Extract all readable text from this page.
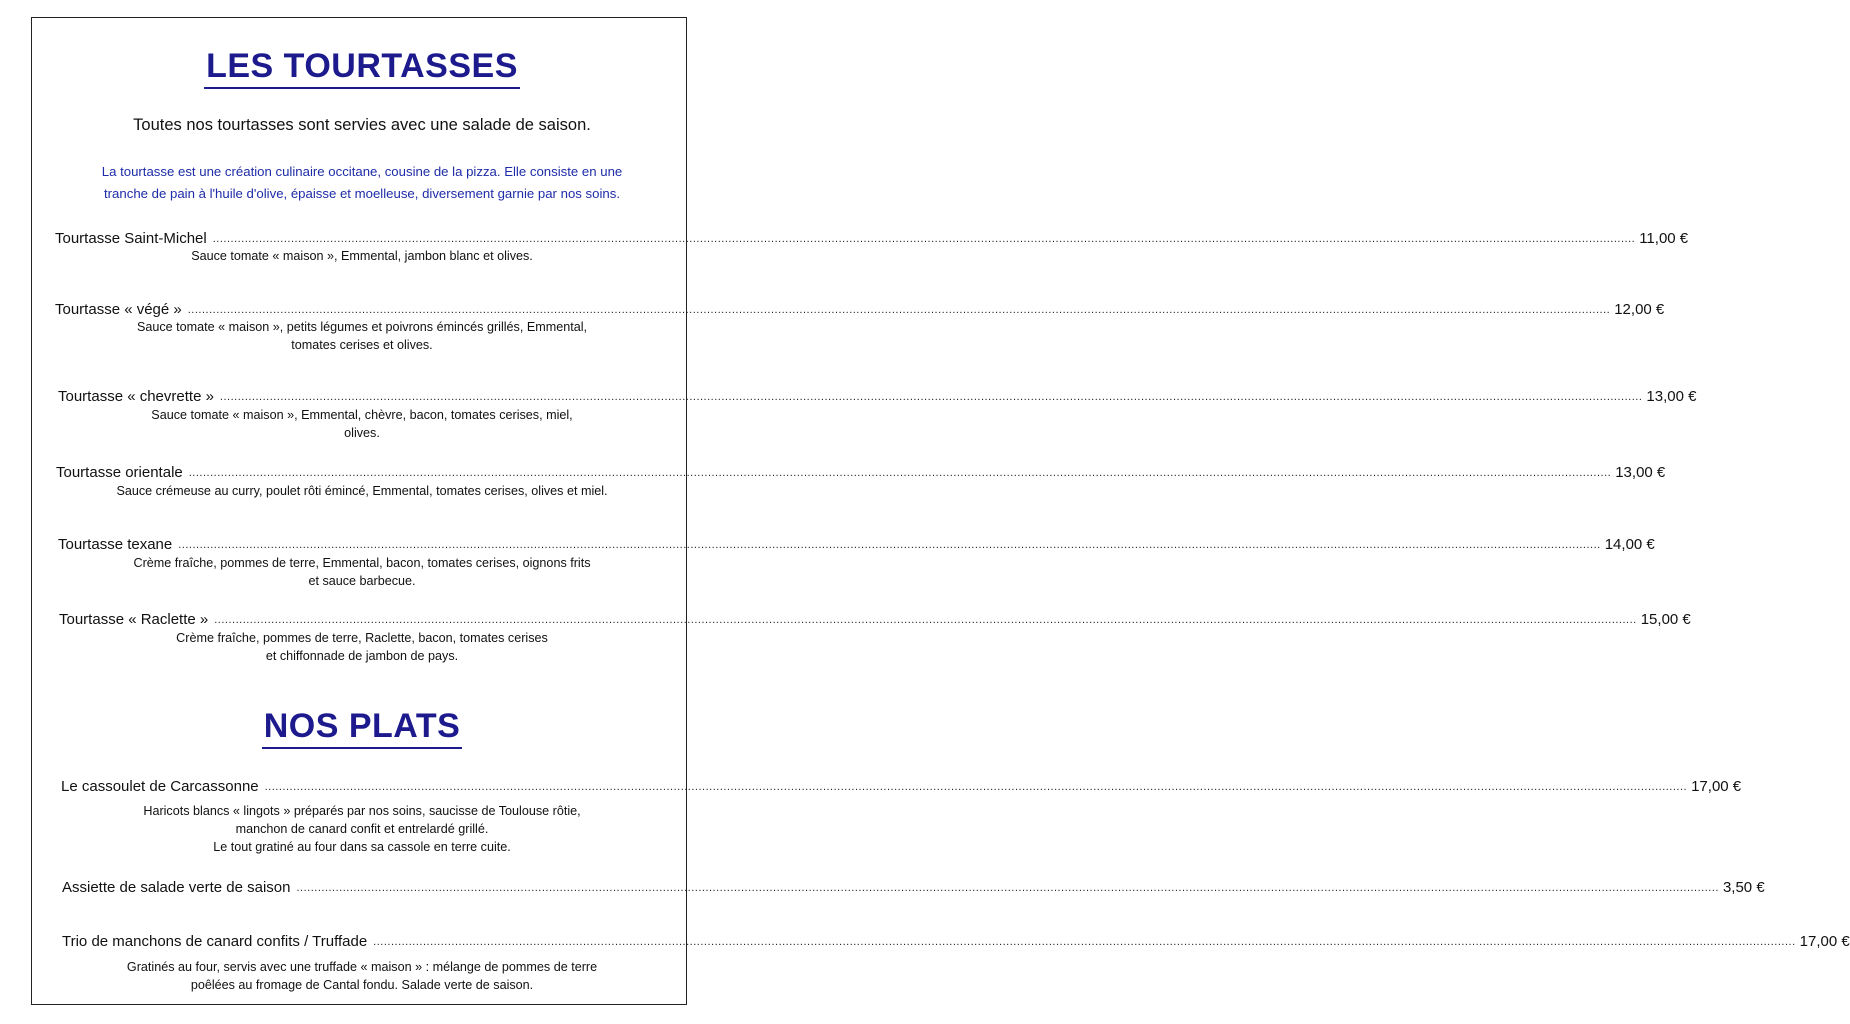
LES TOURTASSES
Toutes nos tourtasses sont servies avec une salade de saison.
La tourtasse est une création culinaire occitane, cousine de la pizza. Elle consiste en une
tranche de pain à l'huile d'olive, épaisse et moelleuse, diversement garnie par nos soins.
NOS PLATS
Tourtasse Saint-Michel ................................................................................................................................................................................................................................................................................................................................................................................................................ 11,00 €
Sauce tomate « maison », Emmental, jambon blanc et olives.
Tourtasse « végé » ................................................................................................................................................................................................................................................................................................................................................................................................................ 12,00 €
Sauce tomate « maison », petits légumes et poivrons émincés grillés, Emmental,
tomates cerises et olives.
Tourtasse « chevrette » ................................................................................................................................................................................................................................................................................................................................................................................................................ 13,00 €
Sauce tomate « maison », Emmental, chèvre, bacon, tomates cerises, miel,
olives.
Tourtasse orientale ................................................................................................................................................................................................................................................................................................................................................................................................................ 13,00 €
Sauce crémeuse au curry, poulet rôti émincé, Emmental, tomates cerises, olives et miel.
Tourtasse texane ................................................................................................................................................................................................................................................................................................................................................................................................................ 14,00 €
Crème fraîche, pommes de terre, Emmental, bacon, tomates cerises, oignons frits
et sauce barbecue.
Tourtasse « Raclette » ................................................................................................................................................................................................................................................................................................................................................................................................................ 15,00 €
Crème fraîche, pommes de terre, Raclette, bacon, tomates cerises
et chiffonnade de jambon de pays.
Le cassoulet de Carcassonne ................................................................................................................................................................................................................................................................................................................................................................................................................ 17,00 €
Haricots blancs « lingots » préparés par nos soins, saucisse de Toulouse rôtie,
manchon de canard confit et entrelardé grillé.
Le tout gratiné au four dans sa cassole en terre cuite.
Assiette de salade verte de saison ................................................................................................................................................................................................................................................................................................................................................................................................................ 3,50 €
Trio de manchons de canard confits / Truffade ................................................................................................................................................................................................................................................................................................................................................................................................................ 17,00 €
Gratinés au four, servis avec une truffade « maison » : mélange de pommes de terre
poêlées au fromage de Cantal fondu. Salade verte de saison.
